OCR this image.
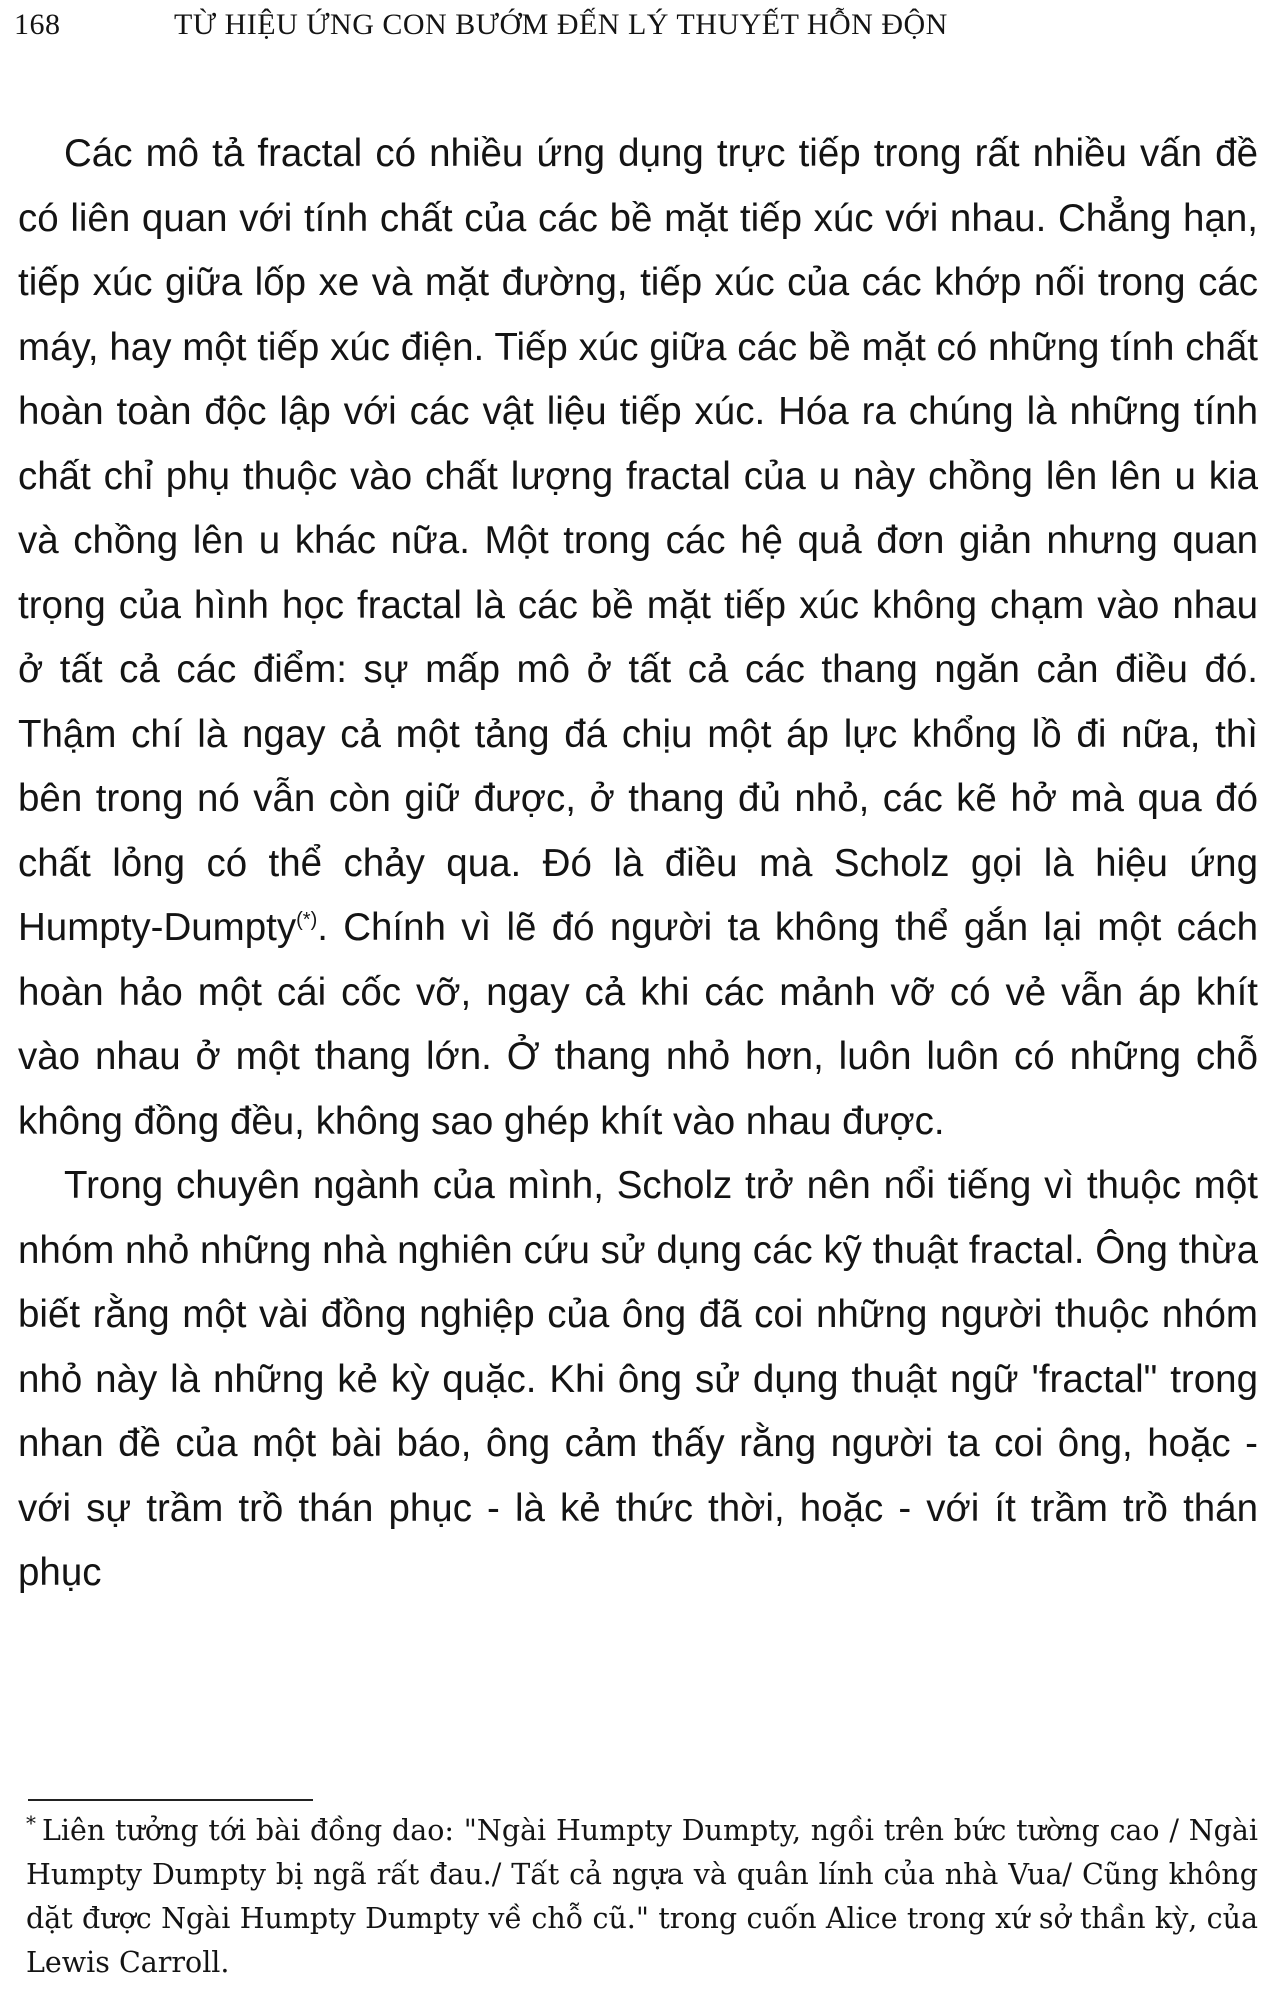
168	TỪ HIỆU ỨNG CON BƯỚM ĐẾN LÝ THUYẾT HỖN ĐỘN

Các mô tả fractal có nhiều ứng dụng trực tiếp trong rất nhiều vấn đề có liên quan với tính chất của các bề mặt tiếp xúc với nhau. Chẳng hạn, tiếp xúc giữa lốp xe và mặt đường, tiếp xúc của các khớp nối trong các máy, hay một tiếp xúc điện. Tiếp xúc giữa các bề mặt có những tính chất hoàn toàn độc lập với các vật liệu tiếp xúc. Hóa ra chúng là những tính chất chỉ phụ thuộc vào chất lượng fractal của u này chồng lên lên u kia và chồng lên u khác nữa. Một trong các hệ quả đơn giản nhưng quan trọng của hình học fractal là các bề mặt tiếp xúc không chạm vào nhau ở tất cả các điểm: sự mấp mô ở tất cả các thang ngăn cản điều đó. Thậm chí là ngay cả một tảng đá chịu một áp lực khổng lồ đi nữa, thì bên trong nó vẫn còn giữ được, ở thang đủ nhỏ, các kẽ hở mà qua đó chất lỏng có thể chảy qua. Đó là điều mà Scholz gọi là hiệu ứng Humpty-Dumpty(*). Chính vì lẽ đó người ta không thể gắn lại một cách hoàn hảo một cái cốc vỡ, ngay cả khi các mảnh vỡ có vẻ vẫn áp khít vào nhau ở một thang lớn. Ở thang nhỏ hơn, luôn luôn có những chỗ không đồng đều, không sao ghép khít vào nhau được.

Trong chuyên ngành của mình, Scholz trở nên nổi tiếng vì thuộc một nhóm nhỏ những nhà nghiên cứu sử dụng các kỹ thuật fractal. Ông thừa biết rằng một vài đồng nghiệp của ông đã coi những người thuộc nhóm nhỏ này là những kẻ kỳ quặc. Khi ông sử dụng thuật ngữ 'fractal" trong nhan đề của một bài báo, ông cảm thấy rằng người ta coi ông, hoặc - với sự trầm trồ thán phục - là kẻ thức thời, hoặc - với ít trầm trồ thán phục

* Liên tưởng tới bài đồng dao: "Ngài Humpty Dumpty, ngồi trên bức tường cao / Ngài Humpty Dumpty bị ngã rất đau./ Tất cả ngựa và quân lính của nhà Vua/ Cũng không dặt được Ngài Humpty Dumpty về chỗ cũ." trong cuốn Alice trong xứ sở thần kỳ, của Lewis Carroll.
